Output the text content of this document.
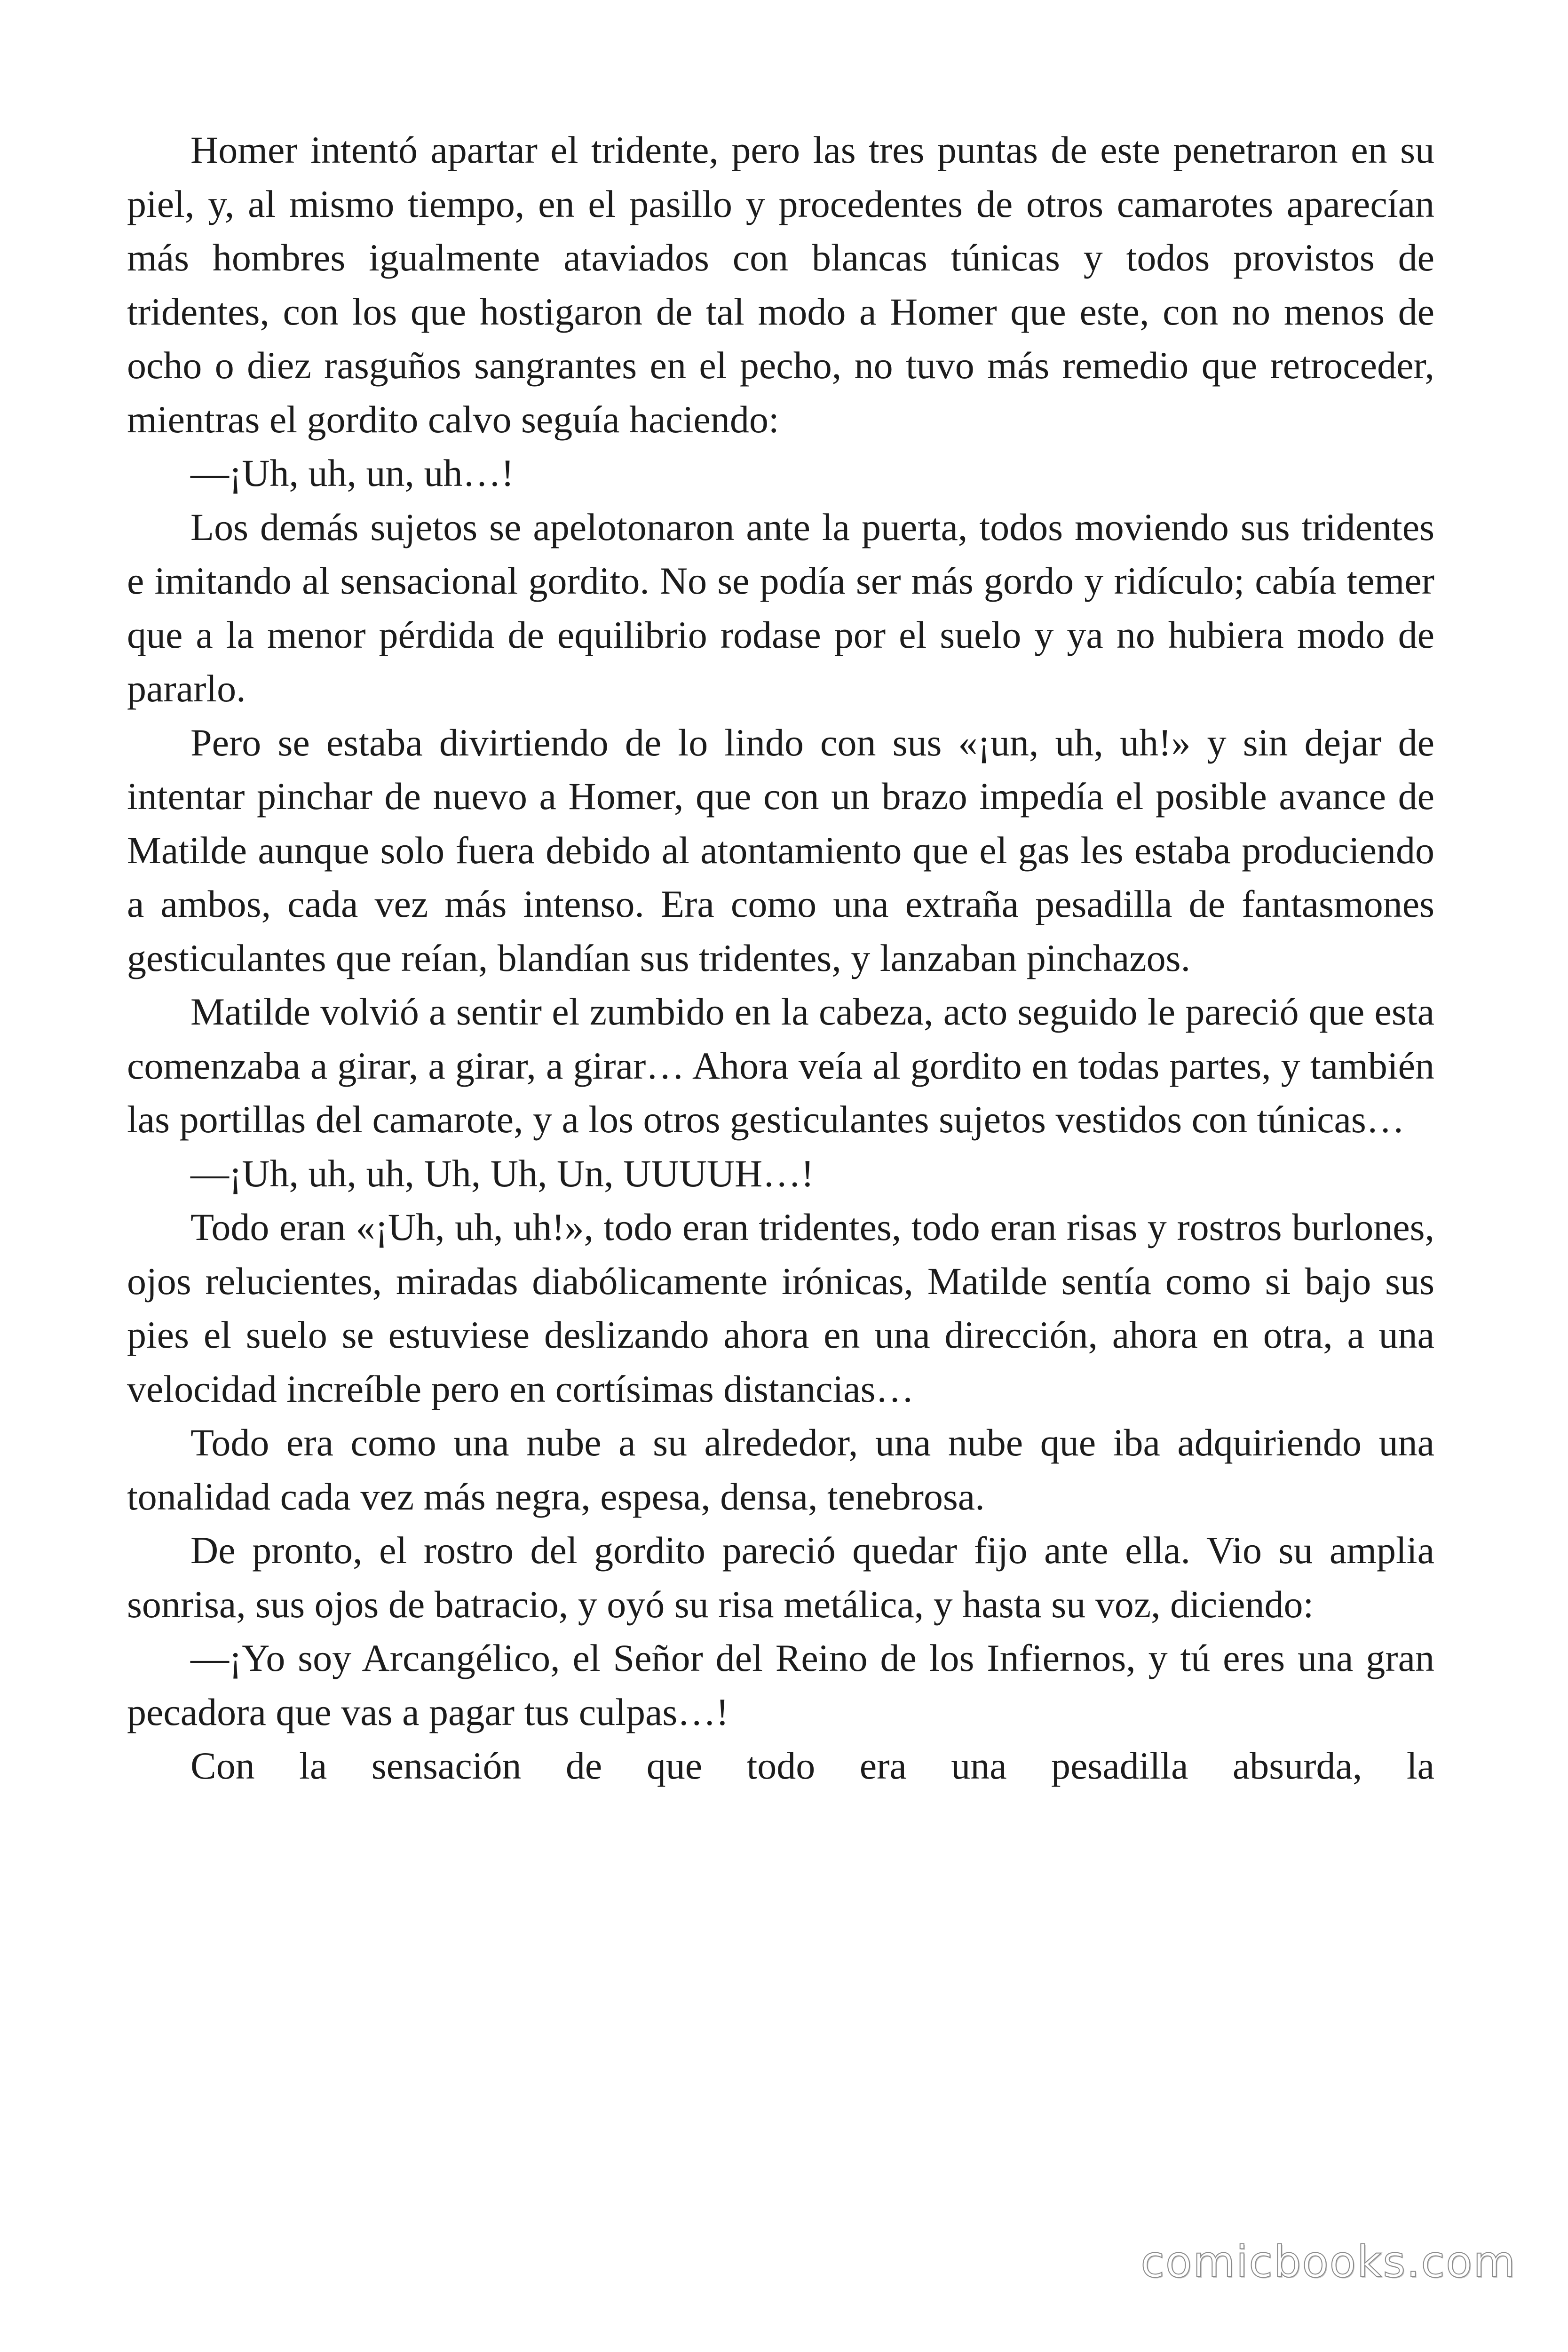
Homer intentó apartar el tridente, pero las tres puntas de este penetraron en su piel, y, al mismo tiempo, en el pasillo y procedentes de otros camarotes aparecían más hombres igualmente ataviados con blancas túnicas y todos provistos de tridentes, con los que hostigaron de tal modo a Homer que este, con no menos de ocho o diez rasguños sangrantes en el pecho, no tuvo más remedio que retroceder, mientras el gordito calvo seguía haciendo:

—¡Uh, uh, un, uh…!

Los demás sujetos se apelotonaron ante la puerta, todos moviendo sus tridentes e imitando al sensacional gordito. No se podía ser más gordo y ridículo; cabía temer que a la menor pérdida de equilibrio rodase por el suelo y ya no hubiera modo de pararlo.

Pero se estaba divirtiendo de lo lindo con sus «¡un, uh, uh!» y sin dejar de intentar pinchar de nuevo a Homer, que con un brazo impedía el posible avance de Matilde aunque solo fuera debido al atontamiento que el gas les estaba produciendo a ambos, cada vez más intenso. Era como una extraña pesadilla de fantasmones gesticulantes que reían, blandían sus tridentes, y lanzaban pinchazos.

Matilde volvió a sentir el zumbido en la cabeza, acto seguido le pareció que esta comenzaba a girar, a girar, a girar… Ahora veía al gordito en todas partes, y también las portillas del camarote, y a los otros gesticulantes sujetos vestidos con túnicas…

—¡Uh, uh, uh, Uh, Uh, Un, UUUUH…!

Todo eran «¡Uh, uh, uh!», todo eran tridentes, todo eran risas y rostros burlones, ojos relucientes, miradas diabólicamente irónicas, Matilde sentía como si bajo sus pies el suelo se estuviese deslizando ahora en una dirección, ahora en otra, a una velocidad increíble pero en cortísimas distancias…

Todo era como una nube a su alrededor, una nube que iba adquiriendo una tonalidad cada vez más negra, espesa, densa, tenebrosa.

De pronto, el rostro del gordito pareció quedar fijo ante ella. Vio su amplia sonrisa, sus ojos de batracio, y oyó su risa metálica, y hasta su voz, diciendo:

—¡Yo soy Arcangélico, el Señor del Reino de los Infiernos, y tú eres una gran pecadora que vas a pagar tus culpas…!

Con la sensación de que todo era una pesadilla absurda, la

comicbooks.com
